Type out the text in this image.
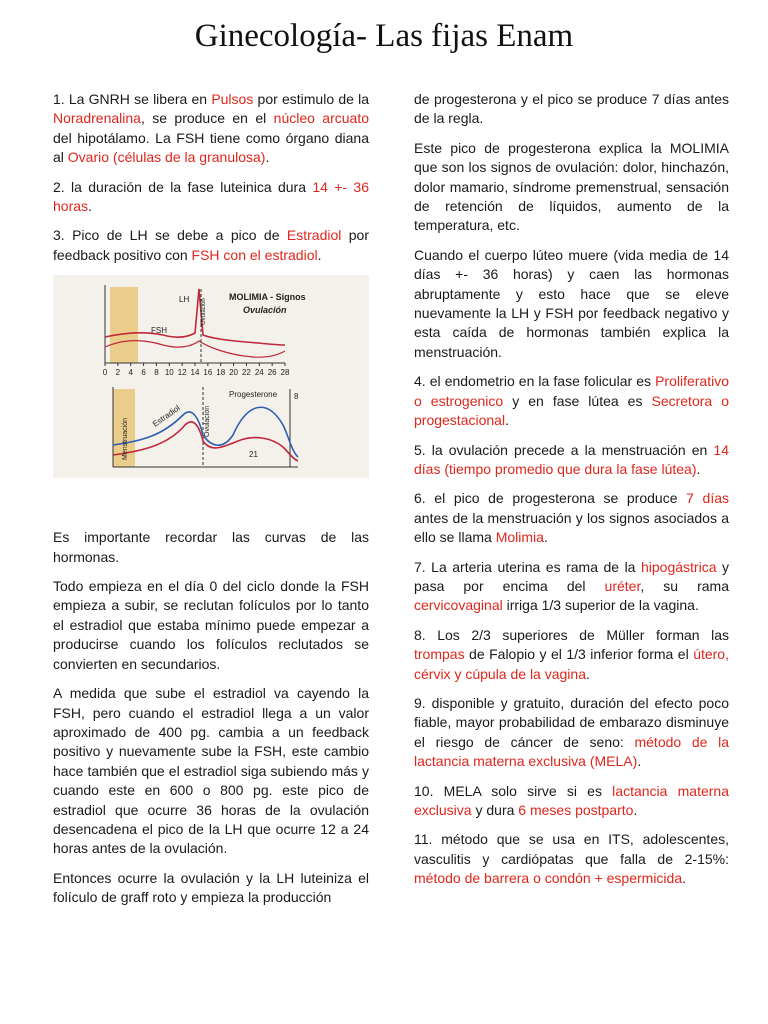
Ginecología- Las fijas Enam

1. La GNRH se libera en Pulsos por estimulo de la Noradrenalina, se produce en el núcleo arcuato del hipotálamo. La FSH tiene como órgano diana al Ovario (células de la granulosa).

2. la duración de la fase luteinica dura 14 +- 36 horas.

3. Pico de LH se debe a pico de Estradiol por feedback positivo con FSH con el estradiol.

0 2 4 6 8 10 12 14 16 18 20 22 24 26 28
LH
FSH
Ovulación
MOLIMIA - Signos
Ovulación
Menstruación
Estradiol	Ovulación
Progesterone 8
21

Es importante recordar las curvas de las hormonas.

Todo empieza en el día 0 del ciclo donde la FSH empieza a subir, se reclutan folículos por lo tanto el estradiol que estaba mínimo puede empezar a producirse cuando los folículos reclutados se convierten en secundarios.

A medida que sube el estradiol va cayendo la FSH, pero cuando el estradiol llega a un valor aproximado de 400 pg. cambia a un feedback positivo y nuevamente sube la FSH, este cambio hace también que el estradiol siga subiendo más y cuando este en 600 o 800 pg. este pico de estradiol que ocurre 36 horas de la ovulación desencadena el pico de la LH que ocurre 12 a 24 horas antes de la ovulación.

Entonces ocurre la ovulación y la LH luteiniza el folículo de graff roto y empieza la producción

de progesterona y el pico se produce 7 días antes de la regla.

Este pico de progesterona explica la MOLIMIA que son los signos de ovulación: dolor, hinchazón, dolor mamario, síndrome premenstrual, sensación de retención de líquidos, aumento de la temperatura, etc.

Cuando el cuerpo lúteo muere (vida media de 14 días +- 36 horas) y caen las hormonas abruptamente y esto hace que se eleve nuevamente la LH y FSH por feedback negativo y esta caída de hormonas también explica la menstruación.

4. el endometrio en la fase folicular es Proliferativo o estrogenico y en fase lútea es Secretora o progestacional.

5. la ovulación precede a la menstruación en 14 días (tiempo promedio que dura la fase lútea).

6. el pico de progesterona se produce 7 días antes de la menstruación y los signos asociados a ello se llama Molimia.

7. La arteria uterina es rama de la hipogástrica y pasa por encima del uréter, su rama cervicovaginal irriga 1/3 superior de la vagina.

8. Los 2/3 superiores de Müller forman las trompas de Falopio y el 1/3 inferior forma el útero, cérvix y cúpula de la vagina.

9. disponible y gratuito, duración del efecto poco fiable, mayor probabilidad de embarazo disminuye el riesgo de cáncer de seno: método de la lactancia materna exclusiva (MELA).

10. MELA solo sirve si es lactancia materna exclusiva y dura 6 meses postparto.

11. método que se usa en ITS, adolescentes, vasculitis y cardiópatas que falla de 2-15%: método de barrera o condón + espermicida.
